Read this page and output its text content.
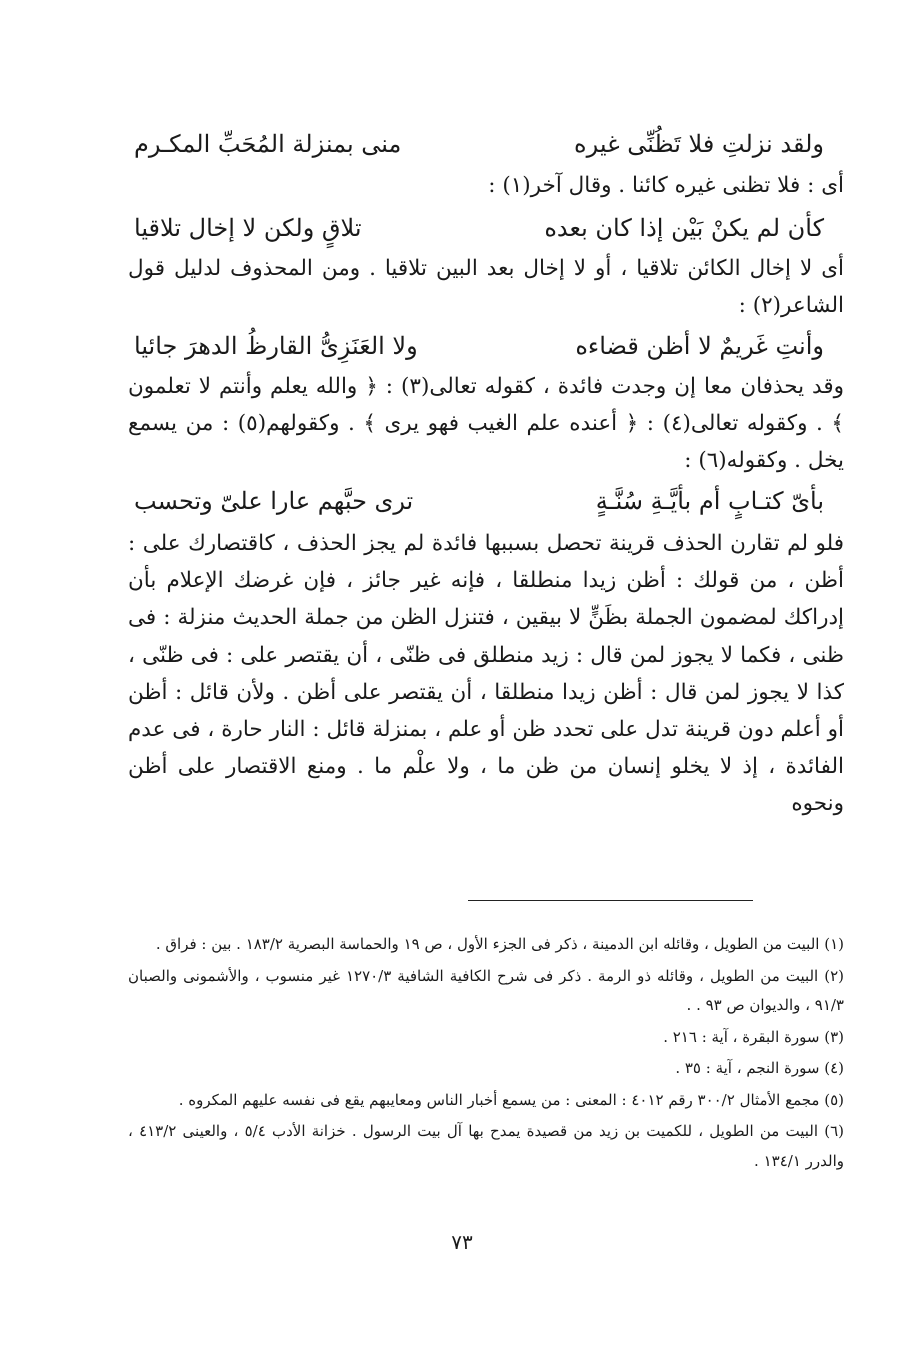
ولقد نزلتِ فلا تَظُنِّى غيره
منى بمنزلة المُحَبِّ المكـرم

أى : فلا تظنى غيره كائنا . وقال آخر(١) :

كأن لم يكنْ بَيْن إذا كان بعده
تلاقٍ ولكن لا إخال تلاقيا

أى لا إخال الكائن تلاقيا ، أو لا إخال بعد البين تلاقيا . ومن المحذوف لدليل قول الشاعر(٢) :

وأنتِ غَريمٌ لا أظن قضاءه
ولا العَنَزِىُّ القارظُ الدهرَ جائيا

وقد يحذفان معا إن وجدت فائدة ، كقوله تعالى(٣) : ﴿ والله يعلم وأنتم لا تعلمون ﴾ . وكقوله تعالى(٤) : ﴿ أعنده علم الغيب فهو يرى ﴾ . وكقولهم(٥) : من يسمع يخل . وكقوله(٦) :

بأىّ كتـابٍ أم بأيَّـةِ سُنَّـةٍ
ترى حبَّهم عارا علىّ وتحسب

فلو لم تقارن الحذف قرينة تحصل بسببها فائدة لم يجز الحذف ، كاقتصارك على : أظن ، من قولك : أظن زيدا منطلقا ، فإنه غير جائز ، فإن غرضك الإعلام بأن إدراكك لمضمون الجملة بظَنٍّ لا بيقين ، فتنزل الظن من جملة الحديث منزلة : فى ظنى ، فكما لا يجوز لمن قال : زيد منطلق فى ظنّى ، أن يقتصر على : فى ظنّى ، كذا لا يجوز لمن قال : أظن زيدا منطلقا ، أن يقتصر على أظن . ولأن قائل : أظن أو أعلم دون قرينة تدل على تحدد ظن أو علم ، بمنزلة قائل : النار حارة ، فى عدم الفائدة ، إذ لا يخلو إنسان من ظن ما ، ولا علْم ما . ومنع الاقتصار على أظن ونحوه

(١) البيت من الطويل ، وقائله ابن الدمينة ، ذكر فى الجزء الأول ، ص ١٩ والحماسة البصرية ١٨٣/٢ . بين : فراق .

(٢) البيت من الطويل ، وقائله ذو الرمة . ذكر فى شرح الكافية الشافية ١٢٧٠/٣ غير منسوب ، والأشمونى والصبان ٩١/٣ ، والديوان ص ٩٣ . .

(٣) سورة البقرة ، آية : ٢١٦ .

(٤) سورة النجم ، آية : ٣٥ .

(٥) مجمع الأمثال ٣٠٠/٢ رقم ٤٠١٢ : المعنى : من يسمع أخبار الناس ومعايبهم يقع فى نفسه عليهم المكروه .

(٦) البيت من الطويل ، للكميت بن زيد من قصيدة يمدح بها آل بيت الرسول . خزانة الأدب ٥/٤ ، والعينى ٤١٣/٢ ، والدرر ١٣٤/١ .

٧٣
